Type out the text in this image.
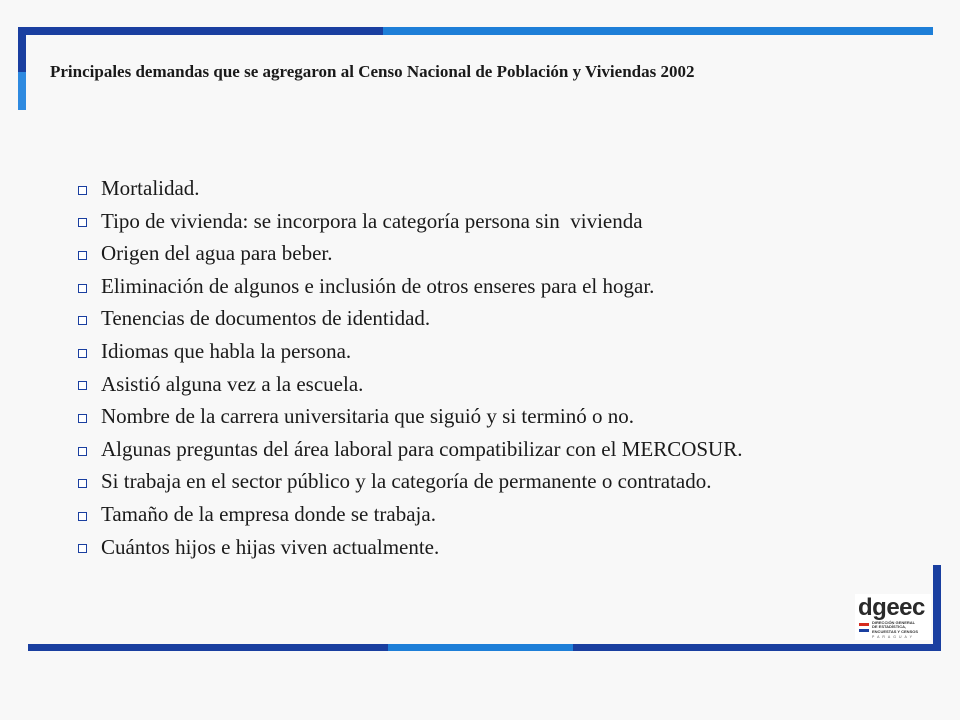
Principales demandas que se agregaron al Censo Nacional de Población y Viviendas 2002
Mortalidad.
Tipo de vivienda: se incorpora la categoría persona sin  vivienda
Origen del agua para beber.
Eliminación de algunos e inclusión de otros enseres para el hogar.
Tenencias de documentos de identidad.
Idiomas que habla la persona.
Asistió alguna vez a la escuela.
Nombre de la carrera universitaria que siguió y si terminó o no.
Algunas preguntas del área laboral para compatibilizar con el MERCOSUR.
Si trabaja en el sector público y la categoría de permanente o contratado.
Tamaño de la empresa donde se trabaja.
Cuántos hijos e hijas viven actualmente.
dgeec
DIRECCIÓN GENERAL
DE ESTADÍSTICA,
ENCUESTAS Y CENSOS
PARAGUAY
